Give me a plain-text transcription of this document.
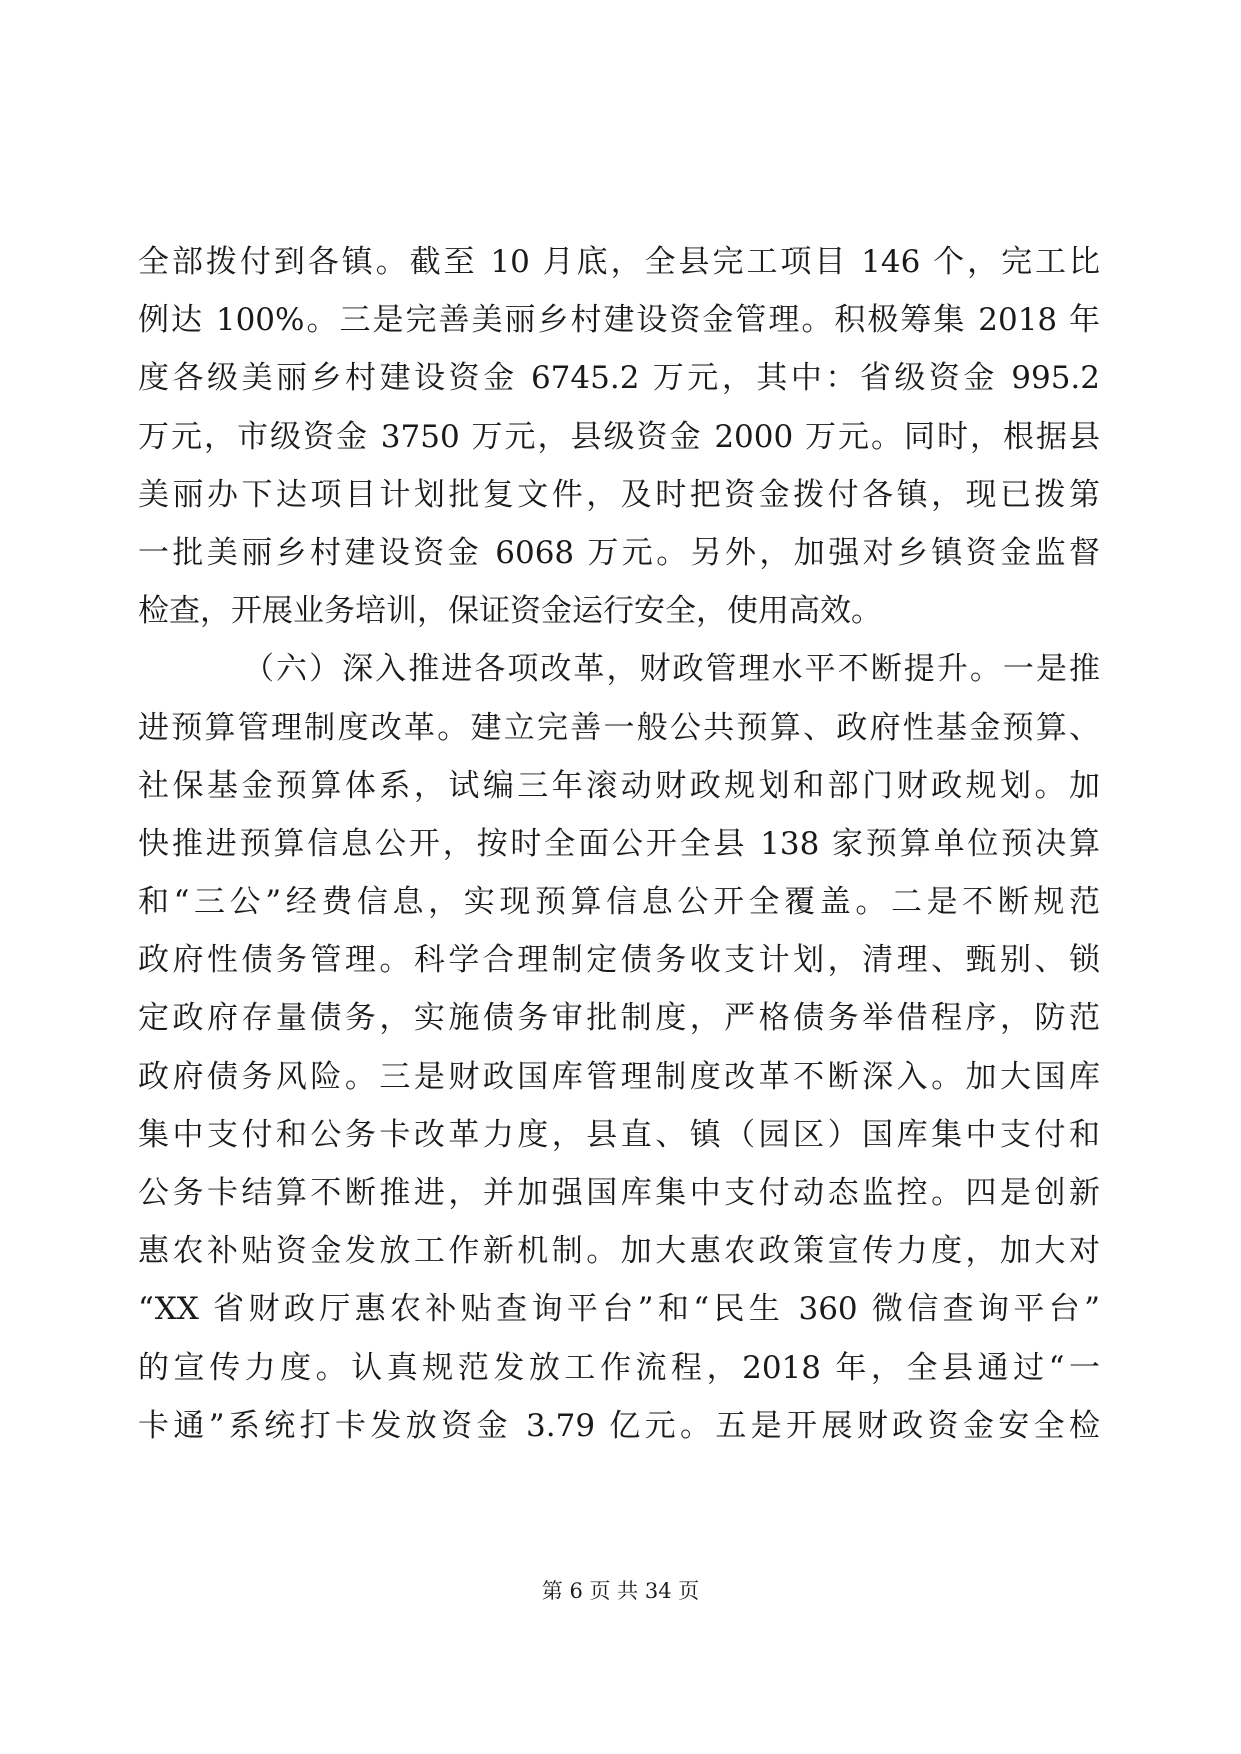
全部拨付到各镇。截至 10 月底，全县完工项目 146 个，完工比
例达 100%。三是完善美丽乡村建设资金管理。积极筹集 2018 年
度各级美丽乡村建设资金 6745.2 万元，其中：省级资金 995.2
万元，市级资金 3750 万元，县级资金 2000 万元。同时，根据县
美丽办下达项目计划批复文件，及时把资金拨付各镇，现已拨第
一批美丽乡村建设资金 6068 万元。另外，加强对乡镇资金监督
检查，开展业务培训，保证资金运行安全，使用高效。
（六）深入推进各项改革，财政管理水平不断提升。一是推
进预算管理制度改革。建立完善一般公共预算、政府性基金预算、
社保基金预算体系，试编三年滚动财政规划和部门财政规划。加
快推进预算信息公开，按时全面公开全县 138 家预算单位预决算
和“三公”经费信息，实现预算信息公开全覆盖。二是不断规范
政府性债务管理。科学合理制定债务收支计划，清理、甄别、锁
定政府存量债务，实施债务审批制度，严格债务举借程序，防范
政府债务风险。三是财政国库管理制度改革不断深入。加大国库
集中支付和公务卡改革力度，县直、镇（园区）国库集中支付和
公务卡结算不断推进，并加强国库集中支付动态监控。四是创新
惠农补贴资金发放工作新机制。加大惠农政策宣传力度，加大对
“XX 省财政厅惠农补贴查询平台”和“民生 360 微信查询平台”
的宣传力度。认真规范发放工作流程，2018 年，全县通过“一
卡通”系统打卡发放资金 3.79 亿元。五是开展财政资金安全检
第 6 页 共 34 页
